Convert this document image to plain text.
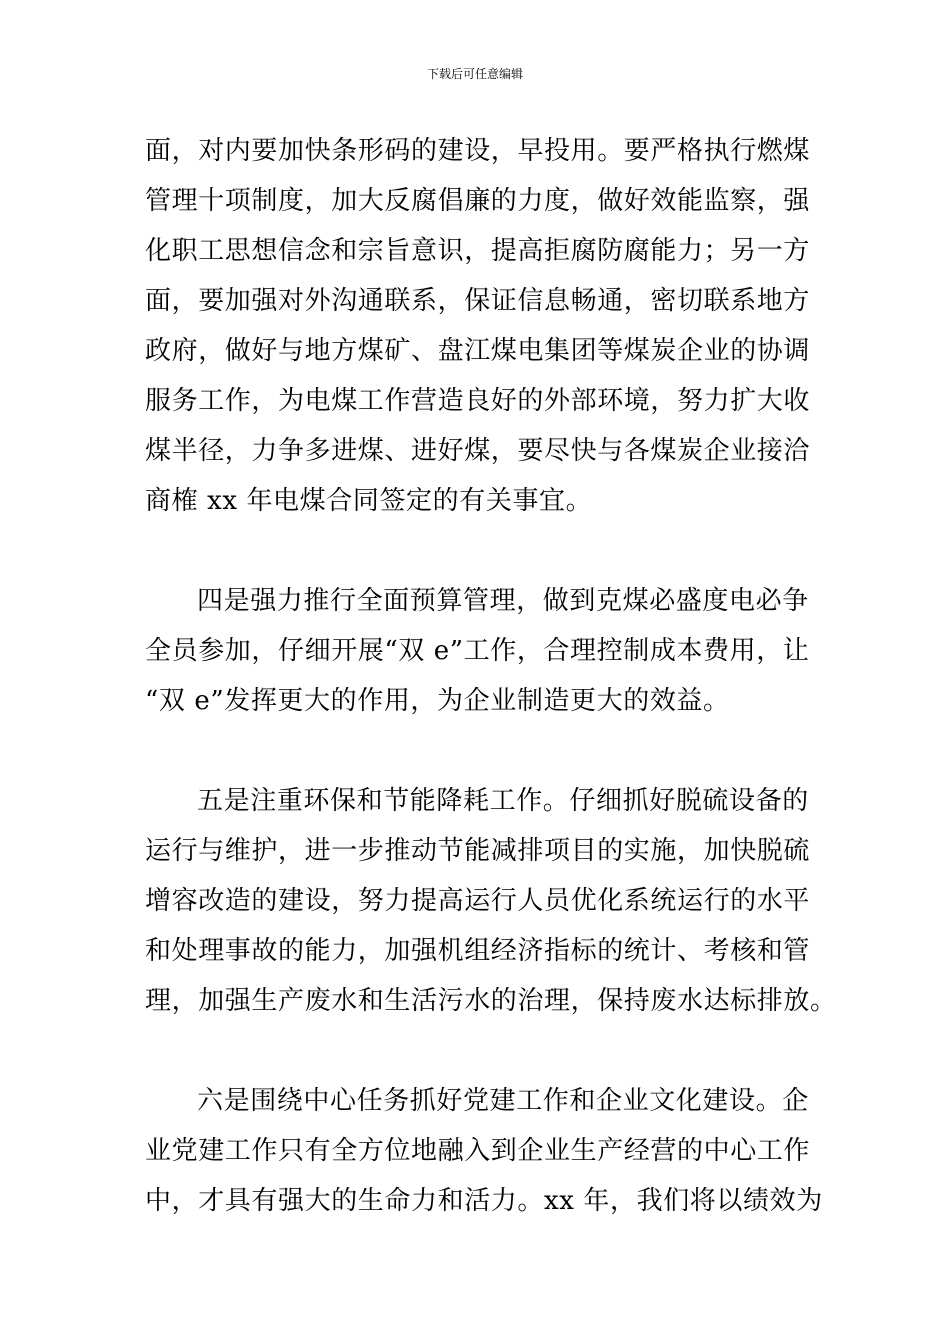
下载后可任意编辑
面，对内要加快条形码的建设，早投用。要严格执行燃煤
管理十项制度，加大反腐倡廉的力度，做好效能监察，强
化职工思想信念和宗旨意识，提高拒腐防腐能力；另一方
面，要加强对外沟通联系，保证信息畅通，密切联系地方
政府，做好与地方煤矿、盘江煤电集团等煤炭企业的协调
服务工作，为电煤工作营造良好的外部环境，努力扩大收
煤半径，力争多进煤、进好煤，要尽快与各煤炭企业接洽
商榷 xx 年电煤合同签定的有关事宜。
四是强力推行全面预算管理，做到克煤必盛度电必争
全员参加，仔细开展“双 e”工作，合理控制成本费用，让
“双 e”发挥更大的作用，为企业制造更大的效益。
五是注重环保和节能降耗工作。仔细抓好脱硫设备的
运行与维护，进一步推动节能减排项目的实施，加快脱硫
增容改造的建设，努力提高运行人员优化系统运行的水平
和处理事故的能力，加强机组经济指标的统计、考核和管
理，加强生产废水和生活污水的治理，保持废水达标排放。
六是围绕中心任务抓好党建工作和企业文化建设。企
业党建工作只有全方位地融入到企业生产经营的中心工作
中，才具有强大的生命力和活力。xx 年，我们将以绩效为
